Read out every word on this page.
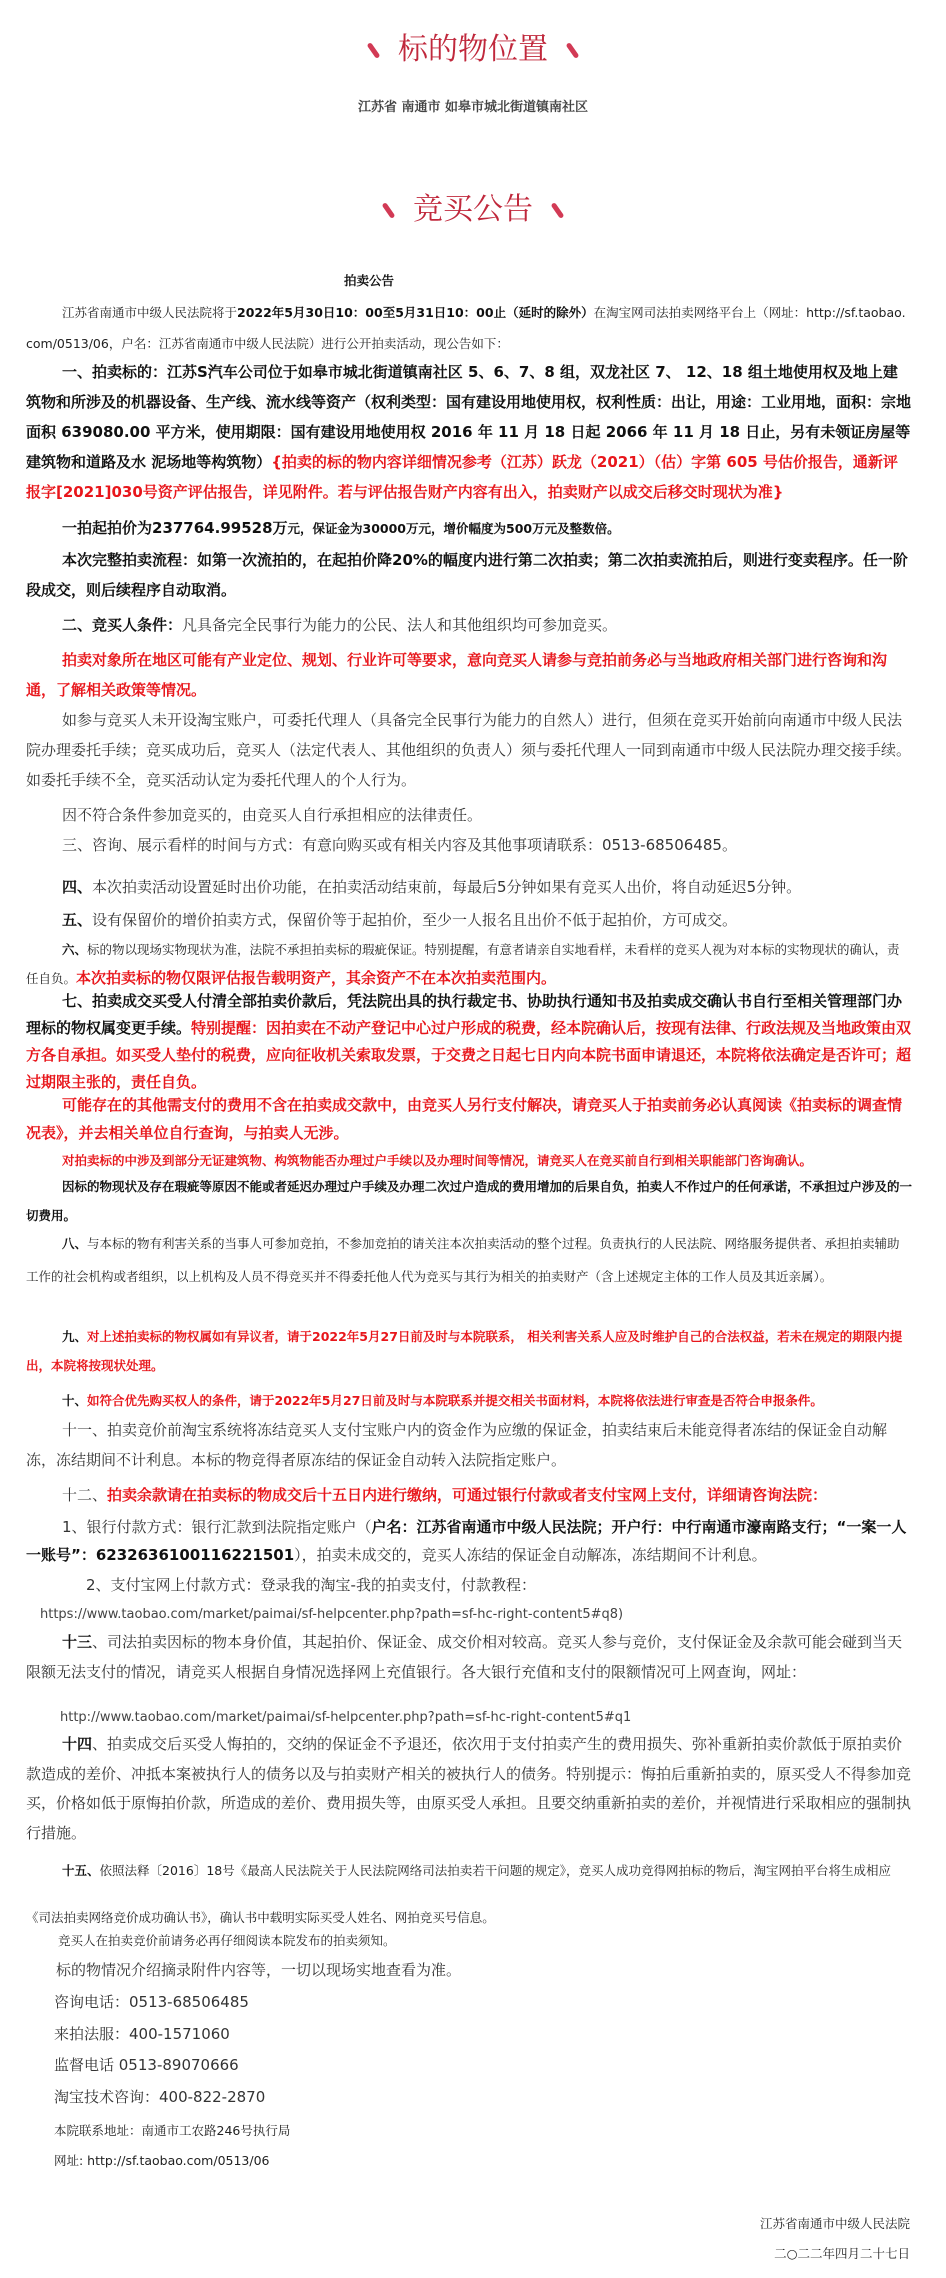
标的物位置
江苏省 南通市 如皋市城北街道镇南社区
竞买公告

拍卖公告

江苏省南通市中级人民法院将于2022年5月30日10：00至5月31日10：00止（延时的除外）在淘宝网司法拍卖网络平台上（网址：http://sf.taobao.com/0513/06，户名：江苏省南通市中级人民法院）进行公开拍卖活动，现公告如下：

一、拍卖标的：江苏S汽车公司位于如皋市城北街道镇南社区 5、6、7、8 组，双龙社区 7、 12、18 组土地使用权及地上建筑物和所涉及的机器设备、生产线、流水线等资产（权利类型：国有建设用地使用权，权利性质：出让，用途：工业用地，面积：宗地面积 639080.00 平方米，使用期限：国有建设用地使用权 2016 年 11 月 18 日起 2066 年 11 月 18 日止，另有未领证房屋等建筑物和道路及水 泥场地等构筑物）{拍卖的标的物内容详细情况参考（江苏）跃龙（2021）（估）字第 605 号估价报告，通新评报字[2021]030号资产评估报告，详见附件。若与评估报告财产内容有出入，拍卖财产以成交后移交时现状为准}

一拍起拍价为237764.99528万元，保证金为30000万元，增价幅度为500万元及整数倍。

本次完整拍卖流程：如第一次流拍的，在起拍价降20%的幅度内进行第二次拍卖；第二次拍卖流拍后，则进行变卖程序。任一阶段成交，则后续程序自动取消。

二、竞买人条件：凡具备完全民事行为能力的公民、法人和其他组织均可参加竞买。

拍卖对象所在地区可能有产业定位、规划、行业许可等要求，意向竞买人请参与竞拍前务必与当地政府相关部门进行咨询和沟通，了解相关政策等情况。

如参与竞买人未开设淘宝账户，可委托代理人（具备完全民事行为能力的自然人）进行，但须在竞买开始前向南通市中级人民法院办理委托手续；竞买成功后，竞买人（法定代表人、其他组织的负责人）须与委托代理人一同到南通市中级人民法院办理交接手续。如委托手续不全，竞买活动认定为委托代理人的个人行为。

因不符合条件参加竞买的，由竞买人自行承担相应的法律责任。

三、咨询、展示看样的时间与方式：有意向购买或有相关内容及其他事项请联系：0513-68506485。

四、本次拍卖活动设置延时出价功能，在拍卖活动结束前，每最后5分钟如果有竞买人出价，将自动延迟5分钟。

五、设有保留价的增价拍卖方式，保留价等于起拍价，至少一人报名且出价不低于起拍价，方可成交。

六、标的物以现场实物现状为准，法院不承担拍卖标的瑕疵保证。特别提醒，有意者请亲自实地看样，未看样的竞买人视为对本标的实物现状的确认，责任自负。本次拍卖标的物仅限评估报告载明资产，其余资产不在本次拍卖范围内。

七、拍卖成交买受人付清全部拍卖价款后，凭法院出具的执行裁定书、协助执行通知书及拍卖成交确认书自行至相关管理部门办理标的物权属变更手续。特别提醒：因拍卖在不动产登记中心过户形成的税费，经本院确认后，按现有法律、行政法规及当地政策由双方各自承担。如买受人垫付的税费，应向征收机关索取发票，于交费之日起七日内向本院书面申请退还，本院将依法确定是否许可；超过期限主张的，责任自负。

可能存在的其他需支付的费用不含在拍卖成交款中，由竞买人另行支付解决，请竞买人于拍卖前务必认真阅读《拍卖标的调查情况表》，并去相关单位自行查询，与拍卖人无涉。

对拍卖标的中涉及到部分无证建筑物、构筑物能否办理过户手续以及办理时间等情况，请竞买人在竞买前自行到相关职能部门咨询确认。

因标的物现状及存在瑕疵等原因不能或者延迟办理过户手续及办理二次过户造成的费用增加的后果自负，拍卖人不作过户的任何承诺，不承担过户涉及的一切费用。

八、与本标的物有利害关系的当事人可参加竞拍，不参加竞拍的请关注本次拍卖活动的整个过程。负责执行的人民法院、网络服务提供者、承担拍卖辅助工作的社会机构或者组织，以上机构及人员不得竞买并不得委托他人代为竞买与其行为相关的拍卖财产（含上述规定主体的工作人员及其近亲属）。

九、对上述拍卖标的物权属如有异议者，请于2022年5月27日前及时与本院联系， 相关利害关系人应及时维护自己的合法权益，若未在规定的期限内提出，本院将按现状处理。

十、如符合优先购买权人的条件，请于2022年5月27日前及时与本院联系并提交相关书面材料，本院将依法进行审查是否符合申报条件。

十一、拍卖竞价前淘宝系统将冻结竞买人支付宝账户内的资金作为应缴的保证金，拍卖结束后未能竞得者冻结的保证金自动解冻，冻结期间不计利息。本标的物竞得者原冻结的保证金自动转入法院指定账户。

十二、拍卖余款请在拍卖标的物成交后十五日内进行缴纳，可通过银行付款或者支付宝网上支付，详细请咨询法院：

1、银行付款方式：银行汇款到法院指定账户（户名：江苏省南通市中级人民法院；开户行：中行南通市濠南路支行；“一案一人一账号”：6232636100116221501），拍卖未成交的，竞买人冻结的保证金自动解冻，冻结期间不计利息。

2、支付宝网上付款方式：登录我的淘宝-我的拍卖支付，付款教程：

https://www.taobao.com/market/paimai/sf-helpcenter.php?path=sf-hc-right-content5#q8)

十三、司法拍卖因标的物本身价值，其起拍价、保证金、成交价相对较高。竞买人参与竞价，支付保证金及余款可能会碰到当天限额无法支付的情况，请竞买人根据自身情况选择网上充值银行。各大银行充值和支付的限额情况可上网查询，网址：

http://www.taobao.com/market/paimai/sf-helpcenter.php?path=sf-hc-right-content5#q1

十四、拍卖成交后买受人悔拍的，交纳的保证金不予退还，依次用于支付拍卖产生的费用损失、弥补重新拍卖价款低于原拍卖价款造成的差价、冲抵本案被执行人的债务以及与拍卖财产相关的被执行人的债务。特别提示：悔拍后重新拍卖的，原买受人不得参加竞买，价格如低于原悔拍价款，所造成的差价、费用损失等，由原买受人承担。且要交纳重新拍卖的差价，并视情进行采取相应的强制执行措施。

十五、依照法释〔2016〕18号《最高人民法院关于人民法院网络司法拍卖若干问题的规定》，竞买人成功竞得网拍标的物后，淘宝网拍平台将生成相应《司法拍卖网络竞价成功确认书》，确认书中载明实际买受人姓名、网拍竞买号信息。

竞买人在拍卖竞价前请务必再仔细阅读本院发布的拍卖须知。

标的物情况介绍摘录附件内容等，一切以现场实地查看为准。

咨询电话：0513-68506485

来拍法服：400-1571060

监督电话 0513-89070666

淘宝技术咨询：400-822-2870

本院联系地址：南通市工农路246号执行局

网址: http://sf.taobao.com/0513/06

江苏省南通市中级人民法院

二○二二年四月二十七日
